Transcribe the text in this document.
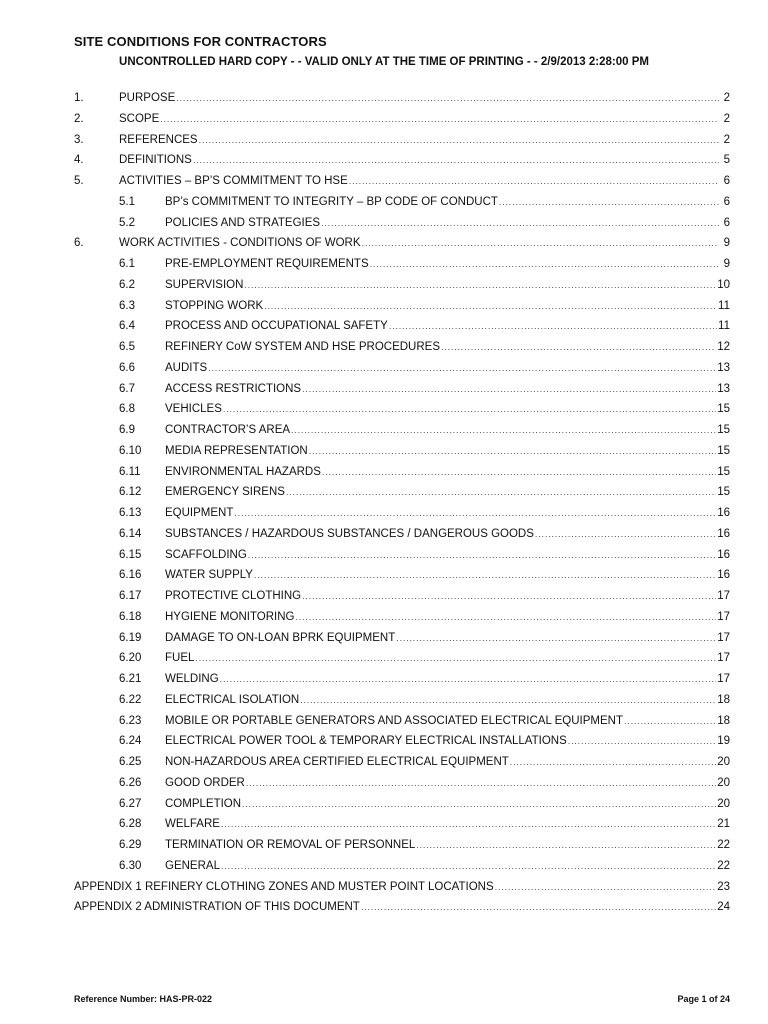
SITE CONDITIONS FOR CONTRACTORS
UNCONTROLLED HARD COPY - - VALID ONLY AT THE TIME OF PRINTING - - 2/9/2013 2:28:00 PM
1.	PURPOSE .....	2
2.	SCOPE .....	2
3.	REFERENCES .....	2
4.	DEFINITIONS .....	5
5.	ACTIVITIES – BP’S COMMITMENT TO HSE .....	6
5.1	BP’s COMMITMENT TO INTEGRITY – BP CODE OF CONDUCT .....	6
5.2	POLICIES AND STRATEGIES .....	6
6.	WORK ACTIVITIES - CONDITIONS OF WORK .....	9
6.1	PRE-EMPLOYMENT REQUIREMENTS .....	9
6.2	SUPERVISION .....	10
6.3	STOPPING WORK .....	11
6.4	PROCESS AND OCCUPATIONAL SAFETY .....	11
6.5	REFINERY CoW SYSTEM AND HSE PROCEDURES .....	12
6.6	AUDITS .....	13
6.7	ACCESS RESTRICTIONS .....	13
6.8	VEHICLES .....	15
6.9	CONTRACTOR’S AREA .....	15
6.10 MEDIA REPRESENTATION .....	15
6.11 ENVIRONMENTAL HAZARDS .....	15
6.12 EMERGENCY SIRENS .....	15
6.13 EQUIPMENT .....	16
6.14 SUBSTANCES / HAZARDOUS SUBSTANCES / DANGEROUS GOODS .....	16
6.15 SCAFFOLDING .....	16
6.16 WATER SUPPLY .....	16
6.17 PROTECTIVE CLOTHING .....	17
6.18 HYGIENE MONITORING .....	17
6.19 DAMAGE TO ON-LOAN BPRK EQUIPMENT .....	17
6.20 FUEL .....	17
6.21 WELDING .....	17
6.22 ELECTRICAL ISOLATION .....	18
6.23 MOBILE OR PORTABLE GENERATORS AND ASSOCIATED ELECTRICAL EQUIPMENT .....	18
6.24 ELECTRICAL POWER TOOL & TEMPORARY ELECTRICAL INSTALLATIONS .....	19
6.25 NON-HAZARDOUS AREA CERTIFIED ELECTRICAL EQUIPMENT .....	20
6.26 GOOD ORDER .....	20
6.27 COMPLETION .....	20
6.28 WELFARE .....	21
6.29 TERMINATION OR REMOVAL OF PERSONNEL .....	22
6.30 GENERAL .....	22
APPENDIX 1 REFINERY CLOTHING ZONES AND MUSTER POINT LOCATIONS .....	23
APPENDIX 2 ADMINISTRATION OF THIS DOCUMENT .....	24
Reference Number: HAS-PR-022	Page 1 of 24
